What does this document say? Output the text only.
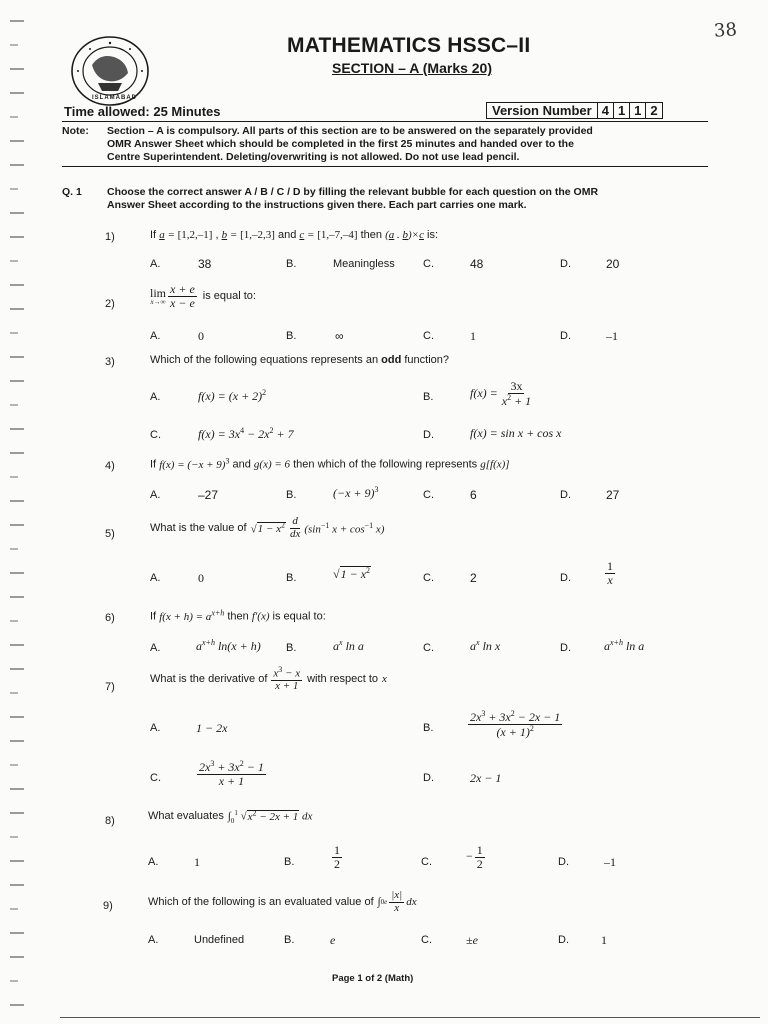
38
ISLAMABAD
MATHEMATICS HSSC–II
SECTION – A (Marks 20)
Time allowed: 25 Minutes	Version Number 4 1 1 2
Note: Section – A is compulsory. All parts of this section are to be answered on the separately provided
OMR Answer Sheet which should be completed in the first 25 minutes and handed over to the
Centre Superintendent. Deleting/overwriting is not allowed. Do not use lead pencil.
Q. 1 Choose the correct answer A / B / C / D by filling the relevant bubble for each question on the OMR
Answer Sheet according to the instructions given there. Each part carries one mark.
1)	If a = [1,2,–1] , b = [1,–2,3] and c = [1,–7,–4] then (a . b)×c is:
A.	38	B.	Meaningless	C.	48	D.	20
2)
lim
$x\to\infty \frac{x + e}{x - e}$ is equal to:
A.	0	B.	∞	C.	1	D.	–1
3)	Which of the following equations represents an odd function?
A.	$f(x) = (x + 2)^2$	B.	$f(x) = \frac{3x}{x^2 + 1}$
C.	$f(x) = 3x^4 - 2x^2 + 7$	D.	f(x) = sin x + cos x
4)	If $f(x) = (-x + 9)^3$ and g(x) = 6 then which of the following represents g[f(x)]
A.	–27	B.	$(-x + 9)^3$	C.	6	D.	27
5)	What is the value of $√1 - x^2 \frac{d}{dx} (\sin^{-1}$ $x + \cos^{-1} x$)
A.	0	B.	$√1 - x^2$
C.	2	D.	$\frac{1}{x}$
6)	If $f(x + h) = a^{x+h}$ then f′(x) is equal to:
A.	$a^{x+h}$ ln(x + h) B.	$a^x$ ln a	C.	$a^x$ ln x	D.	$a^{x+h}$ ln a
7)
What is the derivative of $\frac{x^3 - x}{x + 1}$ with respect to x
A.	1 − 2x	B.	$\frac{2x^3 + 3x^2 - 2x - 1}{(x + 1)^2}$
C.	$\frac{2x^3 + 3x^2 - 1}{x + 1}$	D.	2x − 1
8)	What evaluates $\int_0^1$ $√x^2 - 2x + 1$ dx
A.	1	B.	$\frac{1}{2}$	C.	− $\frac{1}{2}$	D.	–1
9)	Which of the following is an evaluated value of ∫ 0 e $\frac{|x|}{x}$ dx
A.	Undefined	B.	e	C.	±e	D.	1
Page 1 of 2 (Math)
